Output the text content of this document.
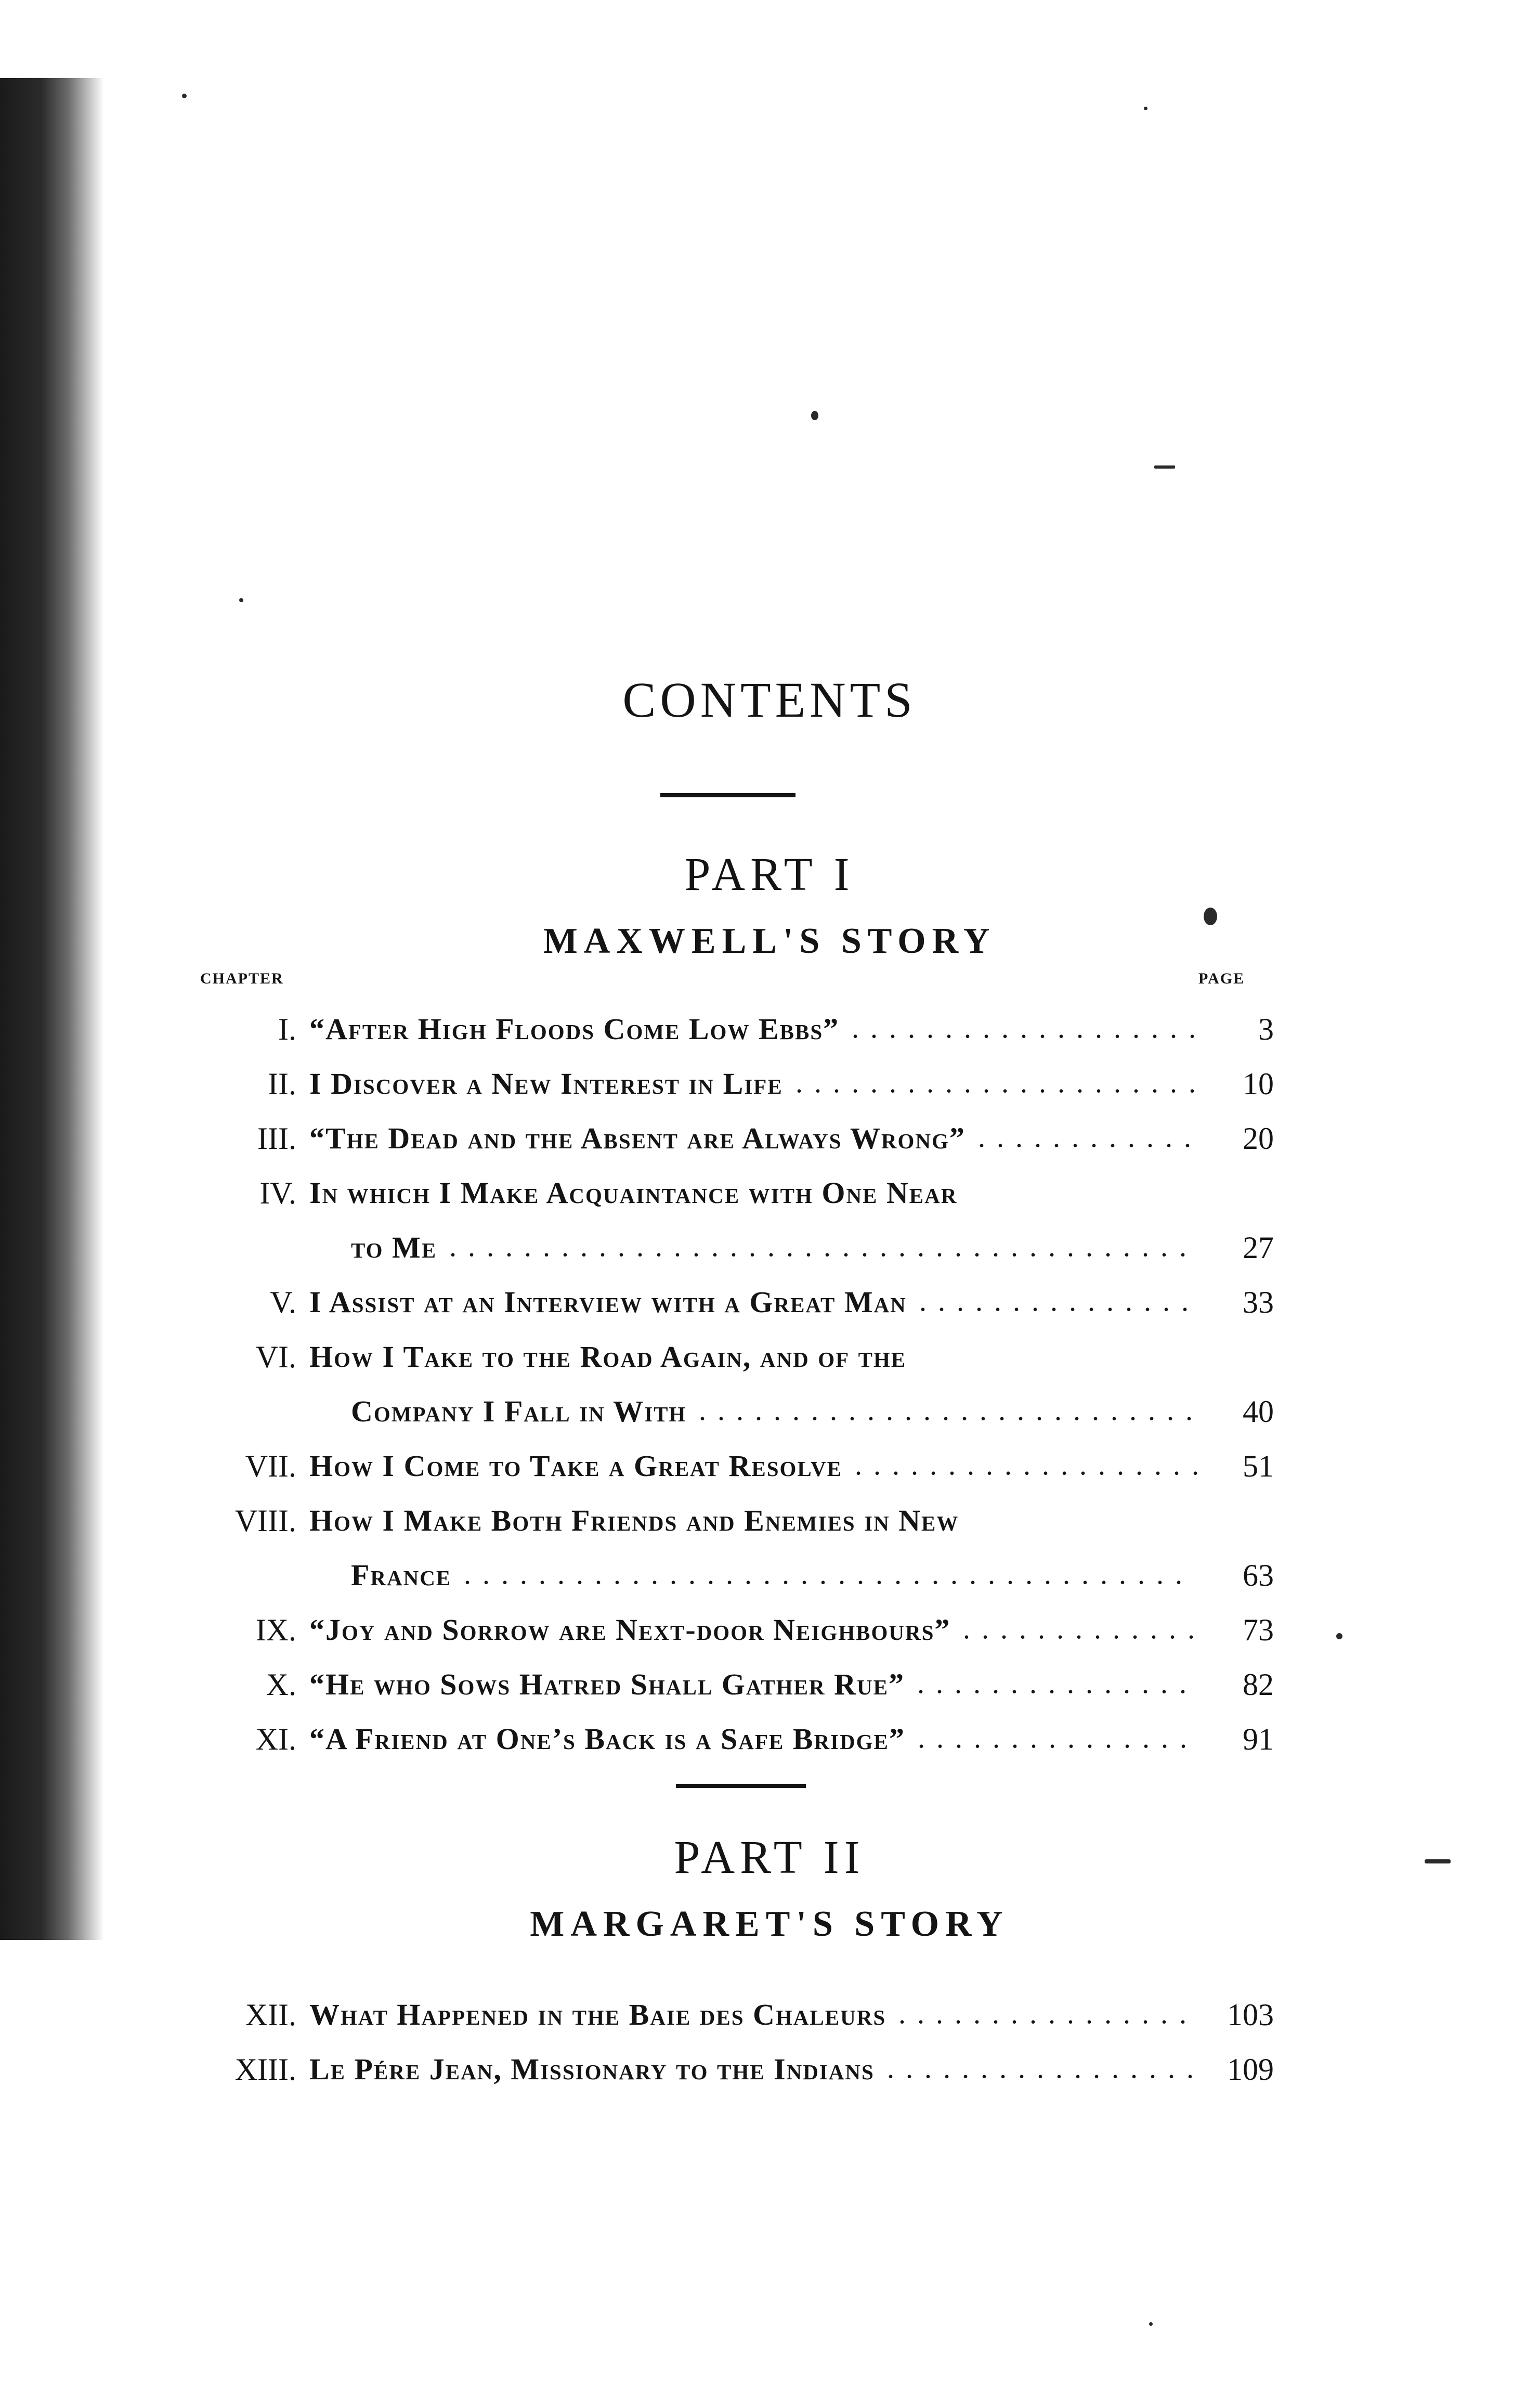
CONTENTS
PART I
MAXWELL'S STORY
CHAPTER	PAGE
I. “After High Floods Come Low Ebbs” ...................	3
II. I Discover a New Interest in Life ......................	10
III. “The Dead and the Absent are Always Wrong” ............	20
IV. In which I Make Acquaintance with One Near
to Me ........................................	27
V. I Assist at an Interview with a Great Man ...............	33
VI. How I Take to the Road Again, and of the
Company I Fall in With ...........................	40
VII. How I Come to Take a Great Resolve ...................	51
VIII. How I Make Both Friends and Enemies in New
France .......................................	63
IX. “Joy and Sorrow are Next-door Neighbours” .............	73
X. “He who Sows Hatred Shall Gather Rue” ...............	82
XI. “A Friend at One’s Back is a Safe Bridge” ...............	91
PART II
MARGARET'S STORY
XII. What Happened in the Baie des Chaleurs ................ 103
XIII. Le Pére Jean, Missionary to the Indians ................. 109
